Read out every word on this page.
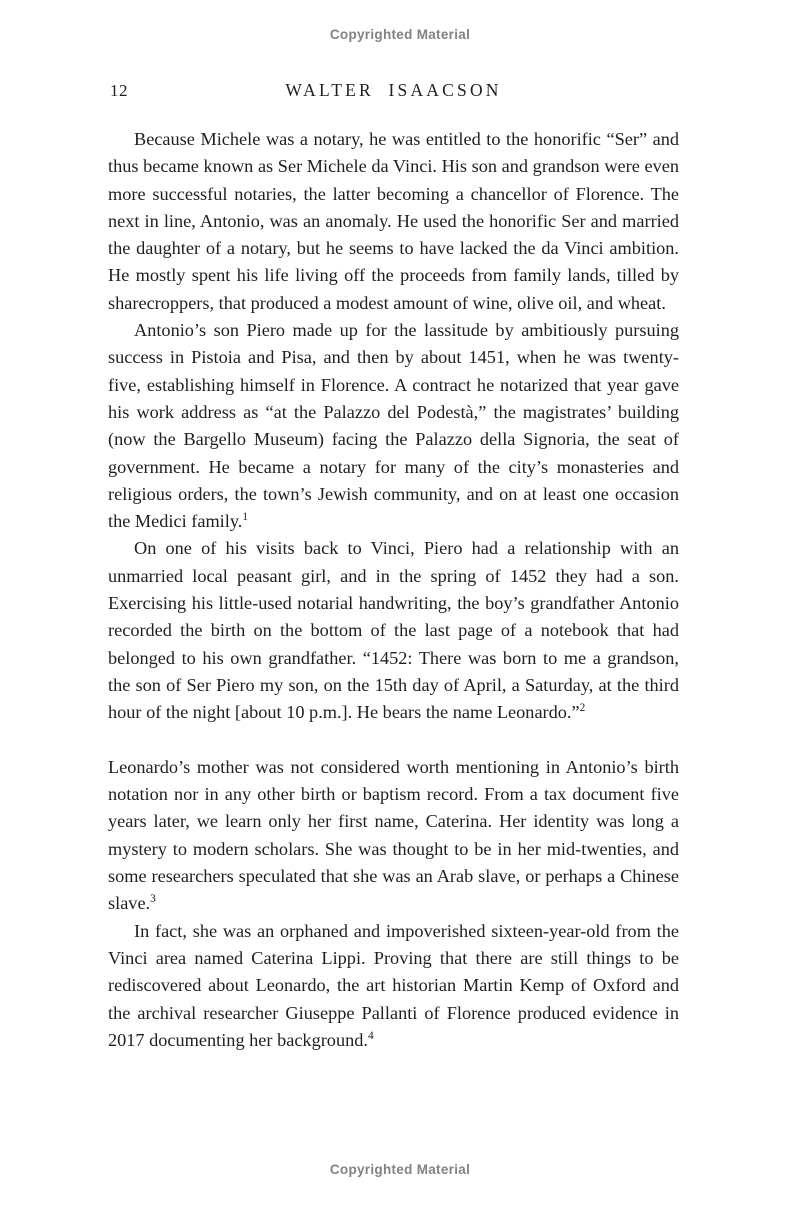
Copyrighted Material
12	WALTER ISAACSON

Because Michele was a notary, he was entitled to the honorific “Ser” and thus became known as Ser Michele da Vinci. His son and grandson were even more successful notaries, the latter becoming a chancellor of Florence. The next in line, Antonio, was an anomaly. He used the honorific Ser and married the daughter of a notary, but he seems to have lacked the da Vinci ambition. He mostly spent his life living off the proceeds from family lands, tilled by sharecroppers, that produced a modest amount of wine, olive oil, and wheat.

Antonio’s son Piero made up for the lassitude by ambitiously pursuing success in Pistoia and Pisa, and then by about 1451, when he was twenty-five, establishing himself in Florence. A contract he notarized that year gave his work address as “at the Palazzo del Podestà,” the magistrates’ building (now the Bargello Museum) facing the Palazzo della Signoria, the seat of government. He became a notary for many of the city’s monasteries and religious orders, the town’s Jewish community, and on at least one occasion the Medici family.$^1$

On one of his visits back to Vinci, Piero had a relationship with an unmarried local peasant girl, and in the spring of 1452 they had a son. Exercising his little-used notarial handwriting, the boy’s grandfather Antonio recorded the birth on the bottom of the last page of a notebook that had belonged to his own grandfather. “1452: There was born to me a grandson, the son of Ser Piero my son, on the 15th day of April, a Saturday, at the third hour of the night [about 10 p.m.]. He bears the name Leonardo.”$^2$

Leonardo’s mother was not considered worth mentioning in Antonio’s birth notation nor in any other birth or baptism record. From a tax document five years later, we learn only her first name, Caterina. Her identity was long a mystery to modern scholars. She was thought to be in her mid-twenties, and some researchers speculated that she was an Arab slave, or perhaps a Chinese slave.$^3$

In fact, she was an orphaned and impoverished sixteen-year-old from the Vinci area named Caterina Lippi. Proving that there are still things to be rediscovered about Leonardo, the art historian Martin Kemp of Oxford and the archival researcher Giuseppe Pallanti of Florence produced evidence in 2017 documenting her background.$^4$

Copyrighted Material
